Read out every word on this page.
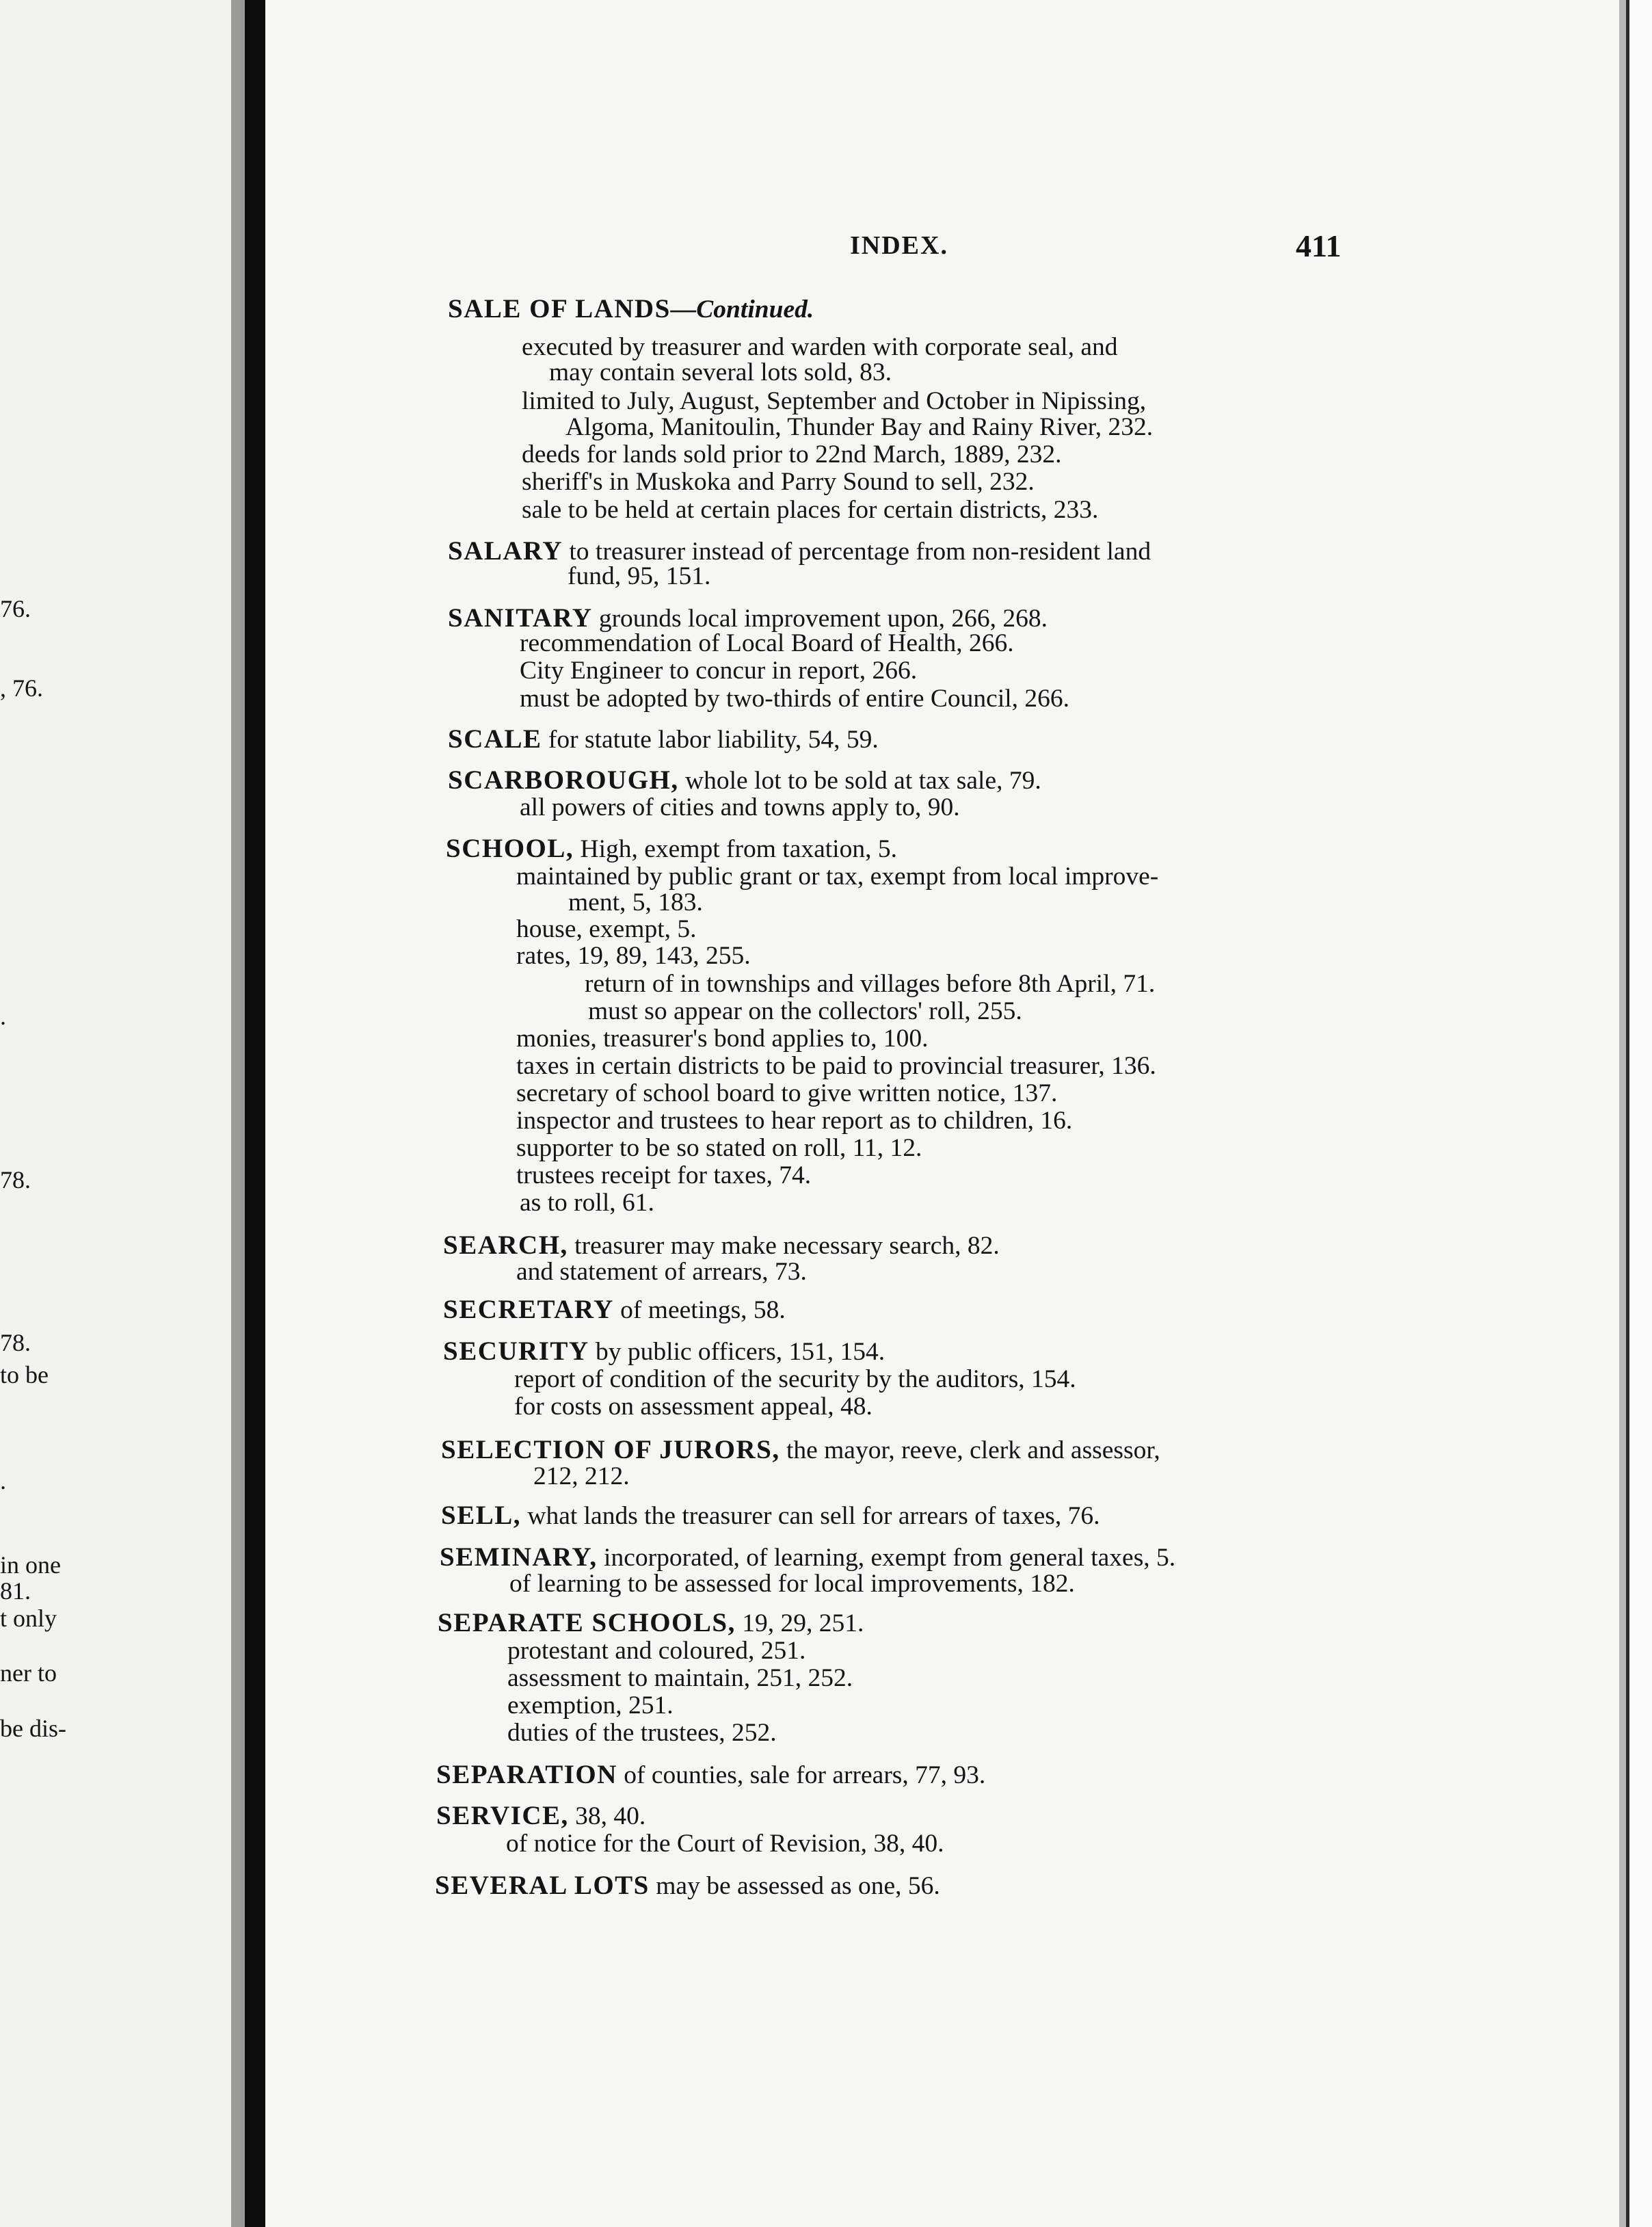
76.
, 76.
.
78.
78.
to be
.
in one
81.
t only
ner to
be dis-
INDEX.	411
SALE OF LANDS—Continued.
executed by treasurer and warden with corporate seal, and
may contain several lots sold, 83.
limited to July, August, September and October in Nipissing,
Algoma, Manitoulin, Thunder Bay and Rainy River, 232.
deeds for lands sold prior to 22nd March, 1889, 232.
sheriff's in Muskoka and Parry Sound to sell, 232.
sale to be held at certain places for certain districts, 233.
SALARY to treasurer instead of percentage from non-resident land
fund, 95, 151.
SANITARY grounds local improvement upon, 266, 268.
recommendation of Local Board of Health, 266.
City Engineer to concur in report, 266.
must be adopted by two-thirds of entire Council, 266.
SCALE for statute labor liability, 54, 59.
SCARBOROUGH, whole lot to be sold at tax sale, 79.
all powers of cities and towns apply to, 90.
SCHOOL, High, exempt from taxation, 5.
maintained by public grant or tax, exempt from local improve-
ment, 5, 183.
house, exempt, 5.
rates, 19, 89, 143, 255.
return of in townships and villages before 8th April, 71.
must so appear on the collectors' roll, 255.
monies, treasurer's bond applies to, 100.
taxes in certain districts to be paid to provincial treasurer, 136.
secretary of school board to give written notice, 137.
inspector and trustees to hear report as to children, 16.
supporter to be so stated on roll, 11, 12.
trustees receipt for taxes, 74.
as to roll, 61.
SEARCH, treasurer may make necessary search, 82.
and statement of arrears, 73.
SECRETARY of meetings, 58.
SECURITY by public officers, 151, 154.
report of condition of the security by the auditors, 154.
for costs on assessment appeal, 48.
SELECTION OF JURORS, the mayor, reeve, clerk and assessor,
212, 212.
SELL, what lands the treasurer can sell for arrears of taxes, 76.
SEMINARY, incorporated, of learning, exempt from general taxes, 5.
of learning to be assessed for local improvements, 182.
SEPARATE SCHOOLS, 19, 29, 251.
protestant and coloured, 251.
assessment to maintain, 251, 252.
exemption, 251.
duties of the trustees, 252.
SEPARATION of counties, sale for arrears, 77, 93.
SERVICE, 38, 40.
of notice for the Court of Revision, 38, 40.
SEVERAL LOTS may be assessed as one, 56.
